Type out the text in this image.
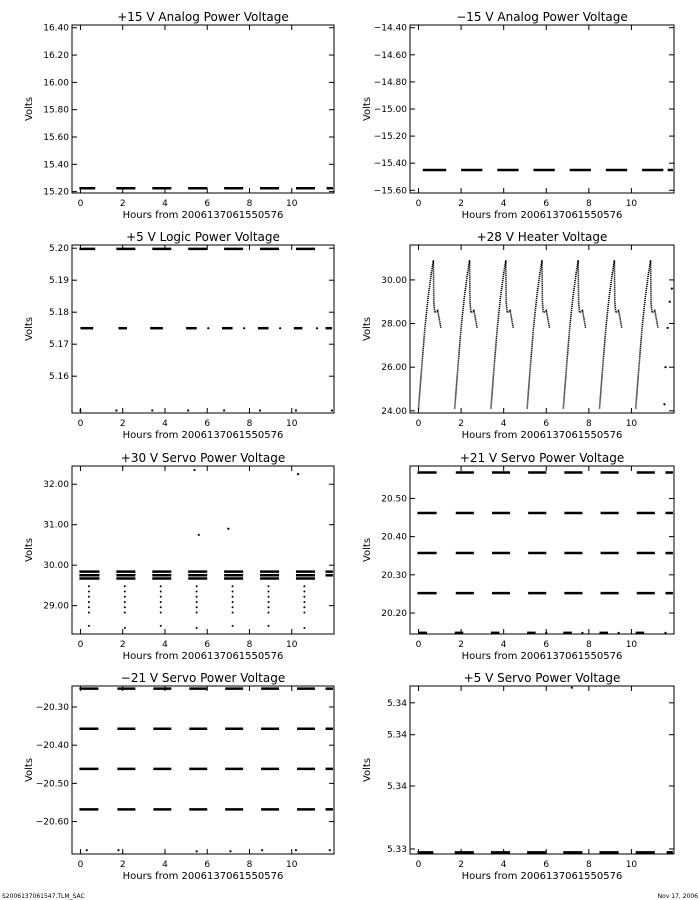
+15 V Analog Power Voltage
Hours from 2006137061550576
Volts
0	2	4	6	8	10
15.20
15.40
15.60
15.80
16.00
16.20
16.40
−15 V Analog Power Voltage
Hours from 2006137061550576
Volts
0	2	4	6	8	10
−15.60
−15.40
−15.20
−15.00
−14.80
−14.60
−14.40
+5 V Logic Power Voltage
Hours from 2006137061550576
Volts
0	2	4	6	8	10
5.16
5.17
5.18
5.19
5.20
+28 V Heater Voltage
Hours from 2006137061550576
Volts
0	2	4	6	8	10
24.00
26.00
28.00
30.00
+30 V Servo Power Voltage
Hours from 2006137061550576
Volts
0	2	4	6	8	10
29.00
30.00
31.00
32.00
+21 V Servo Power Voltage
Hours from 2006137061550576
Volts
0	2	4	6	8	10
20.20
20.30
20.40
20.50
−21 V Servo Power Voltage
Hours from 2006137061550576
Volts
0	2	4	6	8	10
−20.60
−20.50
−20.40
−20.30
+5 V Servo Power Voltage
Hours from 2006137061550576
Volts
0	2	4	6	8	10
5.33
5.34
5.34
5.34
S2006137061547.TLM_SAC	Nov 17, 2006
